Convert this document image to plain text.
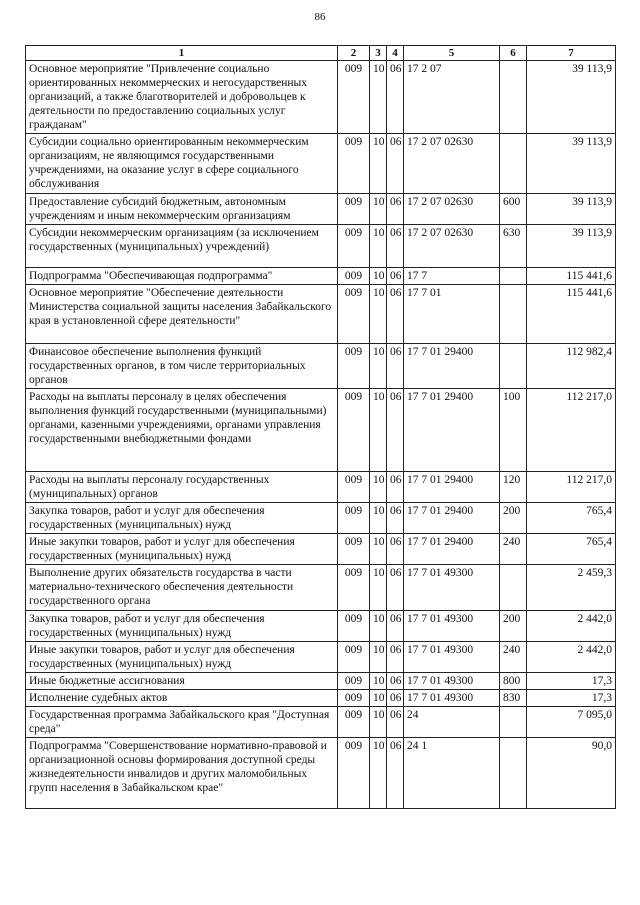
86
1	2	3	4	5	6	7
Основное мероприятие "Привлечение социально ориентированных некоммерческих и негосударственных организаций, а также благотворителей и добровольцев к деятельности по предоставлению социальных услуг гражданам"	009	10	06	17 2 07		39 113,9
Субсидии социально ориентированным некоммерческим организациям, не являющимся государственными учреждениями, на оказание услуг в сфере социального обслуживания	009	10	06	17 2 07 02630		39 113,9
Предоставление субсидий бюджетным, автономным учреждениям и иным некоммерческим организациям	009	10	06	17 2 07 02630	600	39 113,9
Субсидии некоммерческим организациям (за исключением государственных (муниципальных) учреждений)	009	10	06	17 2 07 02630	630	39 113,9
Подпрограмма "Обеспечивающая подпрограмма"	009	10	06	17 7		115 441,6
Основное мероприятие "Обеспечение деятельности Министерства социальной защиты населения Забайкальского края в установленной сфере деятельности"	009	10	06	17 7 01		115 441,6
Финансовое обеспечение выполнения функций государственных органов, в том числе территориальных органов	009	10	06	17 7 01 29400		112 982,4
Расходы на выплаты персоналу в целях обеспечения выполнения функций государственными (муниципальными) органами, казенными учреждениями, органами управления государственными внебюджетными фондами	009	10	06	17 7 01 29400	100	112 217,0
Расходы на выплаты персоналу государственных (муниципальных) органов	009	10	06	17 7 01 29400	120	112 217,0
Закупка товаров, работ и услуг для обеспечения государственных (муниципальных) нужд	009	10	06	17 7 01 29400	200	765,4
Иные закупки товаров, работ и услуг для обеспечения государственных (муниципальных) нужд	009	10	06	17 7 01 29400	240	765,4
Выполнение других обязательств государства в части материально-технического обеспечения деятельности государственного органа	009	10	06	17 7 01 49300		2 459,3
Закупка товаров, работ и услуг для обеспечения государственных (муниципальных) нужд	009	10	06	17 7 01 49300	200	2 442,0
Иные закупки товаров, работ и услуг для обеспечения государственных (муниципальных) нужд	009	10	06	17 7 01 49300	240	2 442,0
Иные бюджетные ассигнования	009	10	06	17 7 01 49300	800	17,3
Исполнение судебных актов	009	10	06	17 7 01 49300	830	17,3
Государственная программа Забайкальского края "Доступная среда"	009	10	06	24		7 095,0
Подпрограмма "Совершенствование нормативно-правовой и организационной основы формирования доступной среды жизнедеятельности инвалидов и других маломобильных групп населения в Забайкальском крае"	009	10	06	24 1		90,0
